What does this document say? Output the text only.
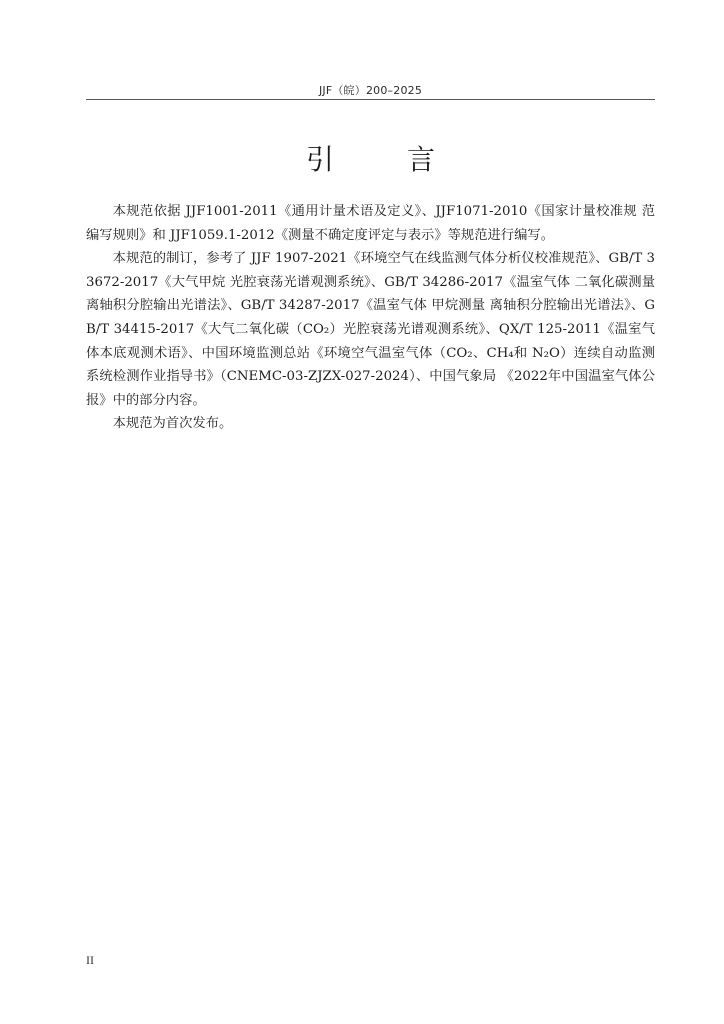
JJF（皖）200–2025
引 言

本规范依据 JJF1001-2011《通用计量术语及定义》、JJF1071-2010《国家计量校准规 范编写规则》和 JJF1059.1-2012《测量不确定度评定与表示》等规范进行编写。

本规范的制订，参考了 JJF 1907-2021《环境空气在线监测气体分析仪校准规范》、GB/T 33672-2017《大气甲烷 光腔衰荡光谱观测系统》、GB/T 34286-2017《温室气体 二氧化碳测量 离轴积分腔输出光谱法》、GB/T 34287-2017《温室气体 甲烷测量 离轴积分腔输出光谱法》、GB/T 34415-2017《大气二氧化碳（CO₂）光腔衰荡光谱观测系统》、QX/T 125-2011《温室气体本底观测术语》、中国环境监测总站《环境空气温室气体（CO₂、CH₄和 N₂O）连续自动监测系统检测作业指导书》（CNEMC-03-ZJZX-027-2024）、中国气象局 《2022年中国温室气体公报》中的部分内容。

本规范为首次发布。

II
